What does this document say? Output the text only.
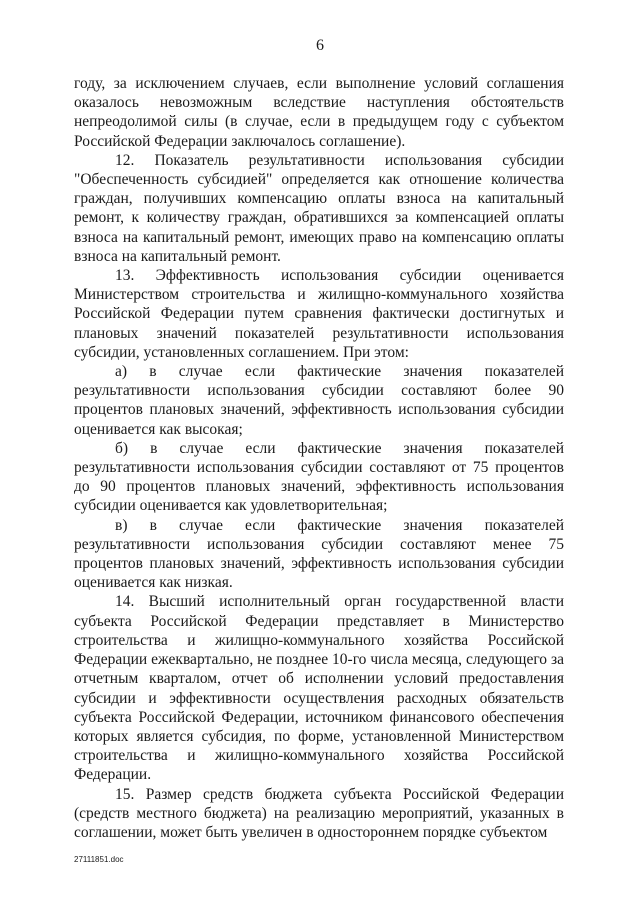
6

году, за исключением случаев, если выполнение условий соглашения оказалось невозможным вследствие наступления обстоятельств непреодолимой силы (в случае, если в предыдущем году с субъектом Российской Федерации заключалось соглашение).

12. Показатель результативности использования субсидии "Обеспеченность субсидией" определяется как отношение количества граждан, получивших компенсацию оплаты взноса на капитальный ремонт, к количеству граждан, обратившихся за компенсацией оплаты взноса на капитальный ремонт, имеющих право на компенсацию оплаты взноса на капитальный ремонт.

13. Эффективность использования субсидии оценивается Министерством строительства и жилищно-коммунального хозяйства Российской Федерации путем сравнения фактически достигнутых и плановых значений показателей результативности использования субсидии, установленных соглашением. При этом:

а) в случае если фактические значения показателей результативности использования субсидии составляют более 90 процентов плановых значений, эффективность использования субсидии оценивается как высокая;

б) в случае если фактические значения показателей результативности использования субсидии составляют от 75 процентов до 90 процентов плановых значений, эффективность использования субсидии оценивается как удовлетворительная;

в) в случае если фактические значения показателей результативности использования субсидии составляют менее 75 процентов плановых значений, эффективность использования субсидии оценивается как низкая.

14. Высший исполнительный орган государственной власти субъекта Российской Федерации представляет в Министерство строительства и жилищно-коммунального хозяйства Российской Федерации ежеквартально, не позднее 10-го числа месяца, следующего за отчетным кварталом, отчет об исполнении условий предоставления субсидии и эффективности осуществления расходных обязательств субъекта Российской Федерации, источником финансового обеспечения которых является субсидия, по форме, установленной Министерством строительства и жилищно-коммунального хозяйства Российской Федерации.

15. Размер средств бюджета субъекта Российской Федерации (средств местного бюджета) на реализацию мероприятий, указанных в соглашении, может быть увеличен в одностороннем порядке субъектом

27111851.doc
